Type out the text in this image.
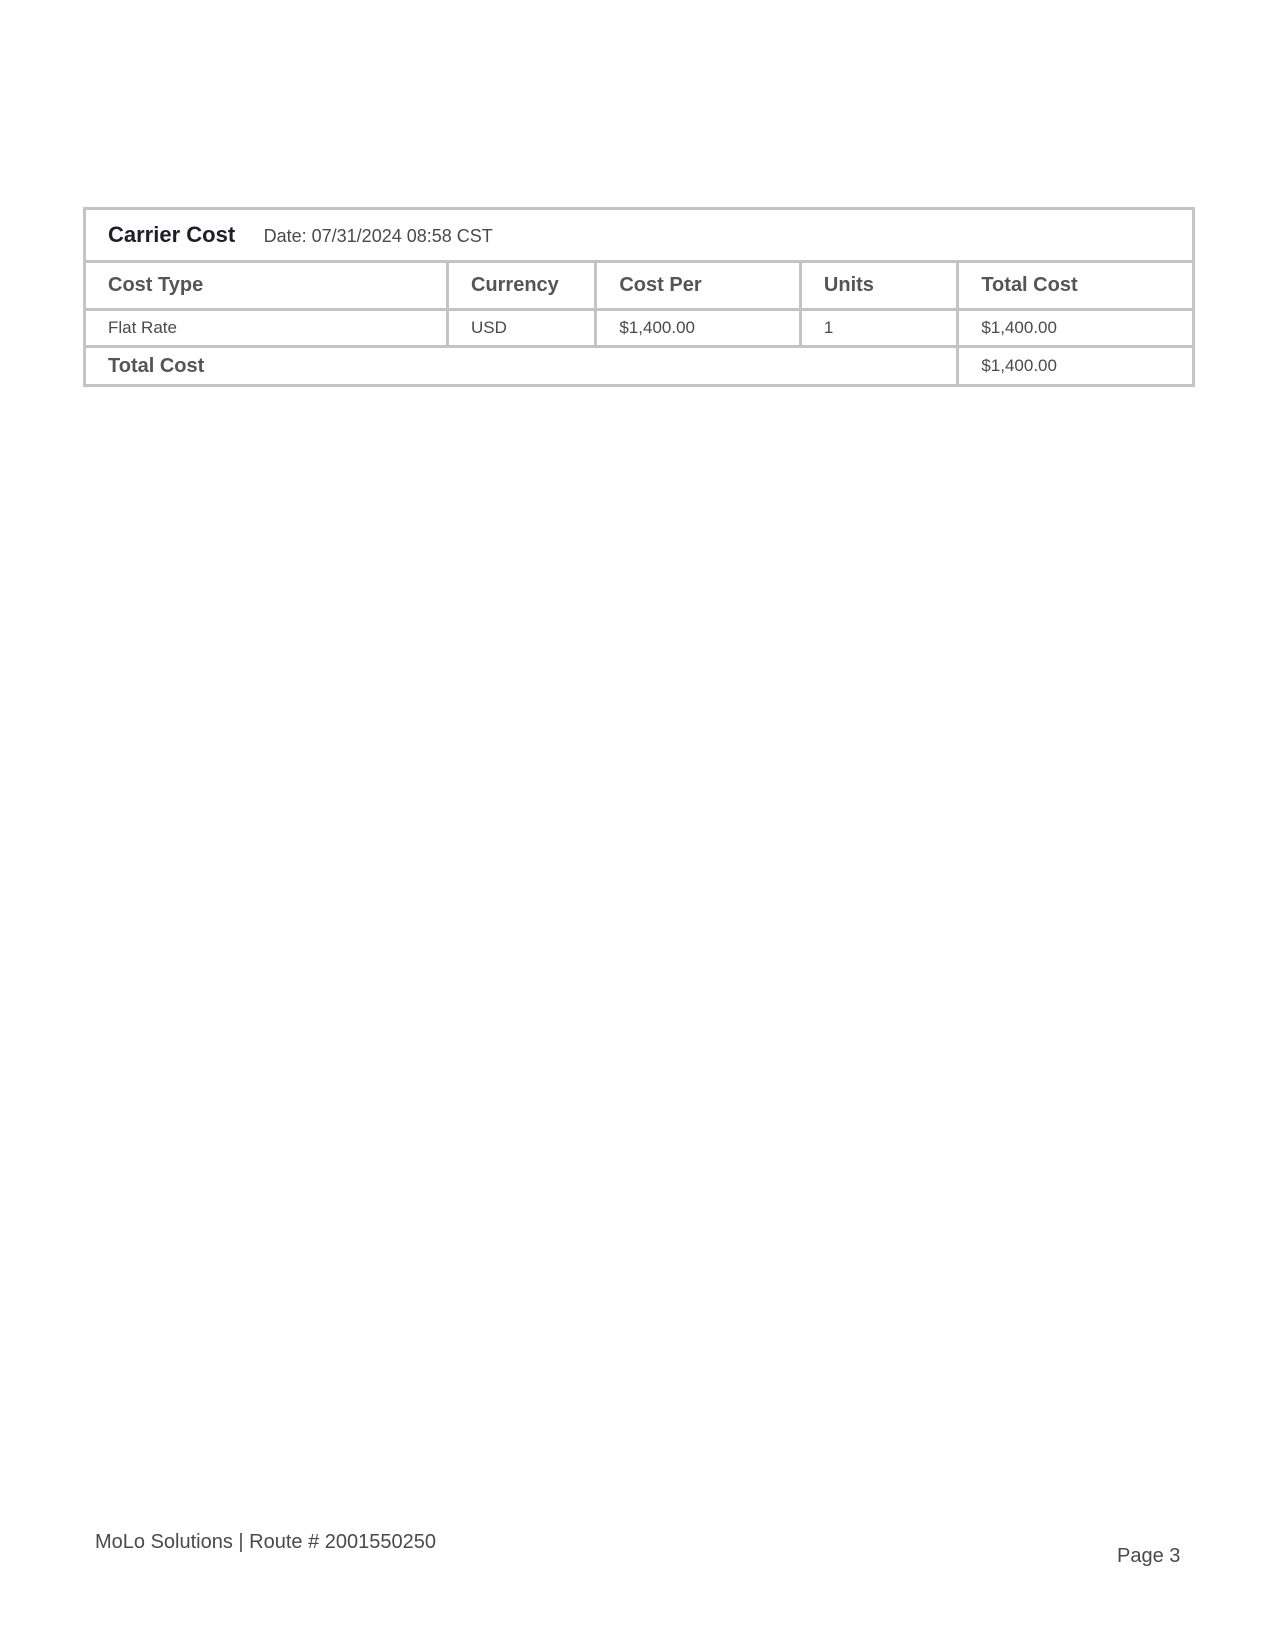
Carrier Cost Date: 07/31/2024 08:58 CST				
Cost Type	Currency	Cost Per	Units	Total Cost
Flat Rate	USD	$1,400.00	1	$1,400.00
Total Cost				$1,400.00
MoLo Solutions | Route # 2001550250
Page 3
